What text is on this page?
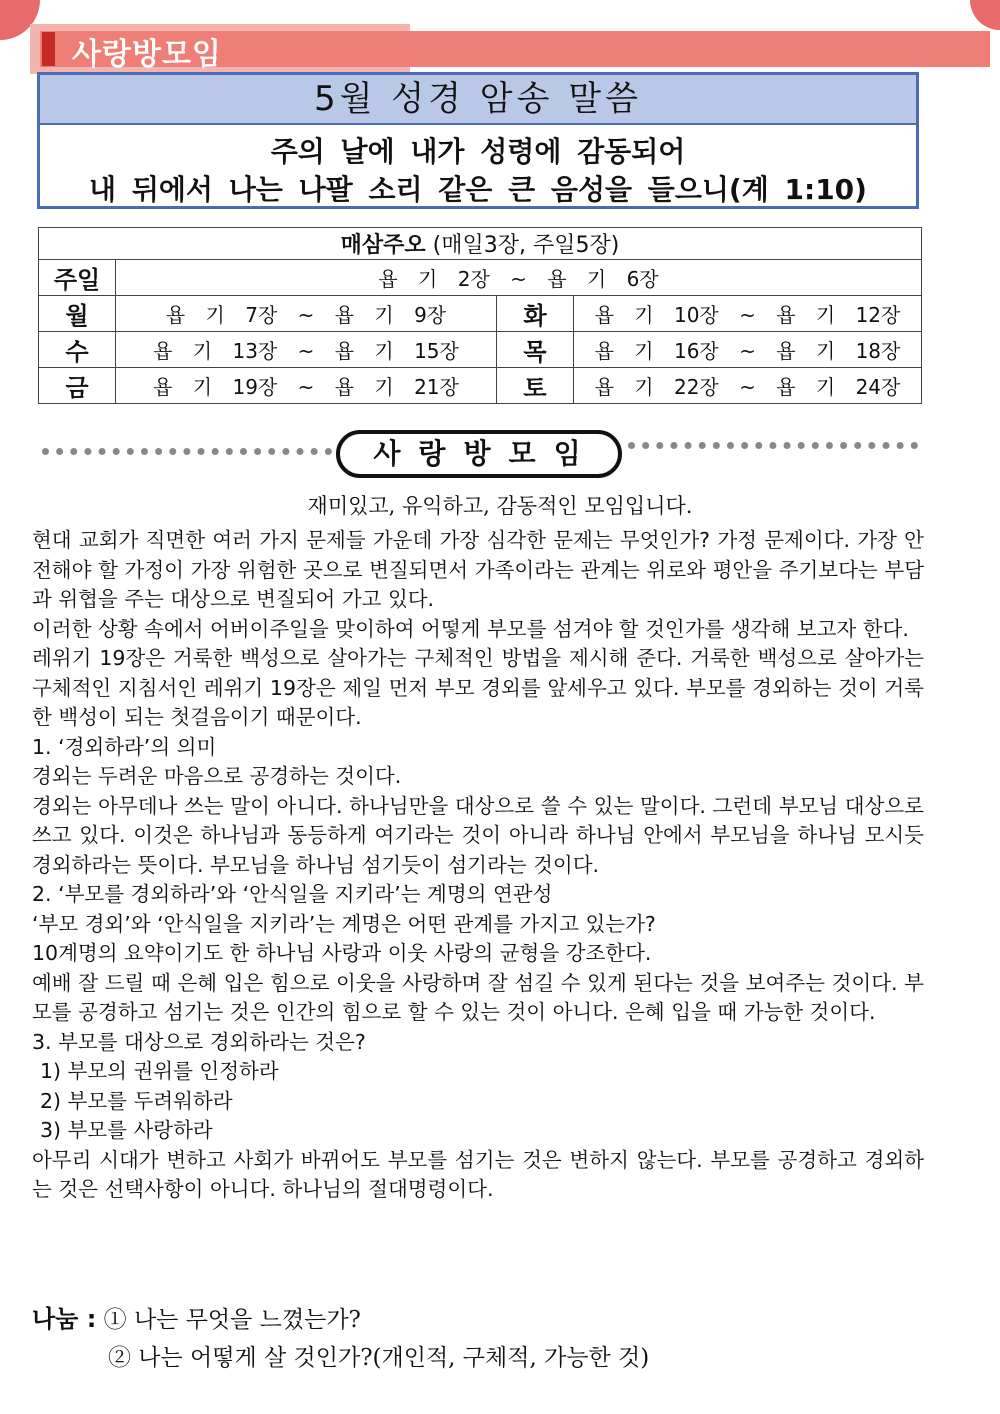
사랑방모임
5월 성경 암송 말씀
주의 날에 내가 성령에 감동되어
내 뒤에서 나는 나팔 소리 같은 큰 음성을 들으니(계 1:10)
매삼주오 (매일3장, 주일5장)			
주일	욥 기 2장 ~ 욥 기 6장		
월	욥 기 7장 ~ 욥 기 9장	화	욥 기 10장 ~ 욥 기 12장
수	욥 기 13장 ~ 욥 기 15장	목	욥 기 16장 ~ 욥 기 18장
금	욥 기 19장 ~ 욥 기 21장	토	욥 기 22장 ~ 욥 기 24장
사랑방모임
재미있고, 유익하고, 감동적인 모임입니다.

현대 교회가 직면한 여러 가지 문제들 가운데 가장 심각한 문제는 무엇인가? 가정 문제이다. 가장 안전해야 할 가정이 가장 위험한 곳으로 변질되면서 가족이라는 관계는 위로와 평안을 주기보다는 부담과 위협을 주는 대상으로 변질되어 가고 있다.

이러한 상황 속에서 어버이주일을 맞이하여 어떻게 부모를 섬겨야 할 것인가를 생각해 보고자 한다.

레위기 19장은 거룩한 백성으로 살아가는 구체적인 방법을 제시해 준다. 거룩한 백성으로 살아가는 구체적인 지침서인 레위기 19장은 제일 먼저 부모 경외를 앞세우고 있다. 부모를 경외하는 것이 거룩한 백성이 되는 첫걸음이기 때문이다.

1. ‘경외하라’의 의미

경외는 두려운 마음으로 공경하는 것이다.

경외는 아무데나 쓰는 말이 아니다. 하나님만을 대상으로 쓸 수 있는 말이다. 그런데 부모님 대상으로 쓰고 있다. 이것은 하나님과 동등하게 여기라는 것이 아니라 하나님 안에서 부모님을 하나님 모시듯 경외하라는 뜻이다. 부모님을 하나님 섬기듯이 섬기라는 것이다.

2. ‘부모를 경외하라’와 ‘안식일을 지키라’는 계명의 연관성

‘부모 경외’와 ‘안식일을 지키라’는 계명은 어떤 관계를 가지고 있는가?

10계명의 요약이기도 한 하나님 사랑과 이웃 사랑의 균형을 강조한다.

예배 잘 드릴 때 은혜 입은 힘으로 이웃을 사랑하며 잘 섬길 수 있게 된다는 것을 보여주는 것이다. 부모를 공경하고 섬기는 것은 인간의 힘으로 할 수 있는 것이 아니다. 은혜 입을 때 가능한 것이다.

3. 부모를 대상으로 경외하라는 것은?

1) 부모의 권위를 인정하라

2) 부모를 두려워하라

3) 부모를 사랑하라

아무리 시대가 변하고 사회가 바뀌어도 부모를 섬기는 것은 변하지 않는다. 부모를 공경하고 경외하는 것은 선택사항이 아니다. 하나님의 절대명령이다.

나눔 : ① 나는 무엇을 느꼈는가?
② 나는 어떻게 살 것인가?(개인적, 구체적, 가능한 것)
